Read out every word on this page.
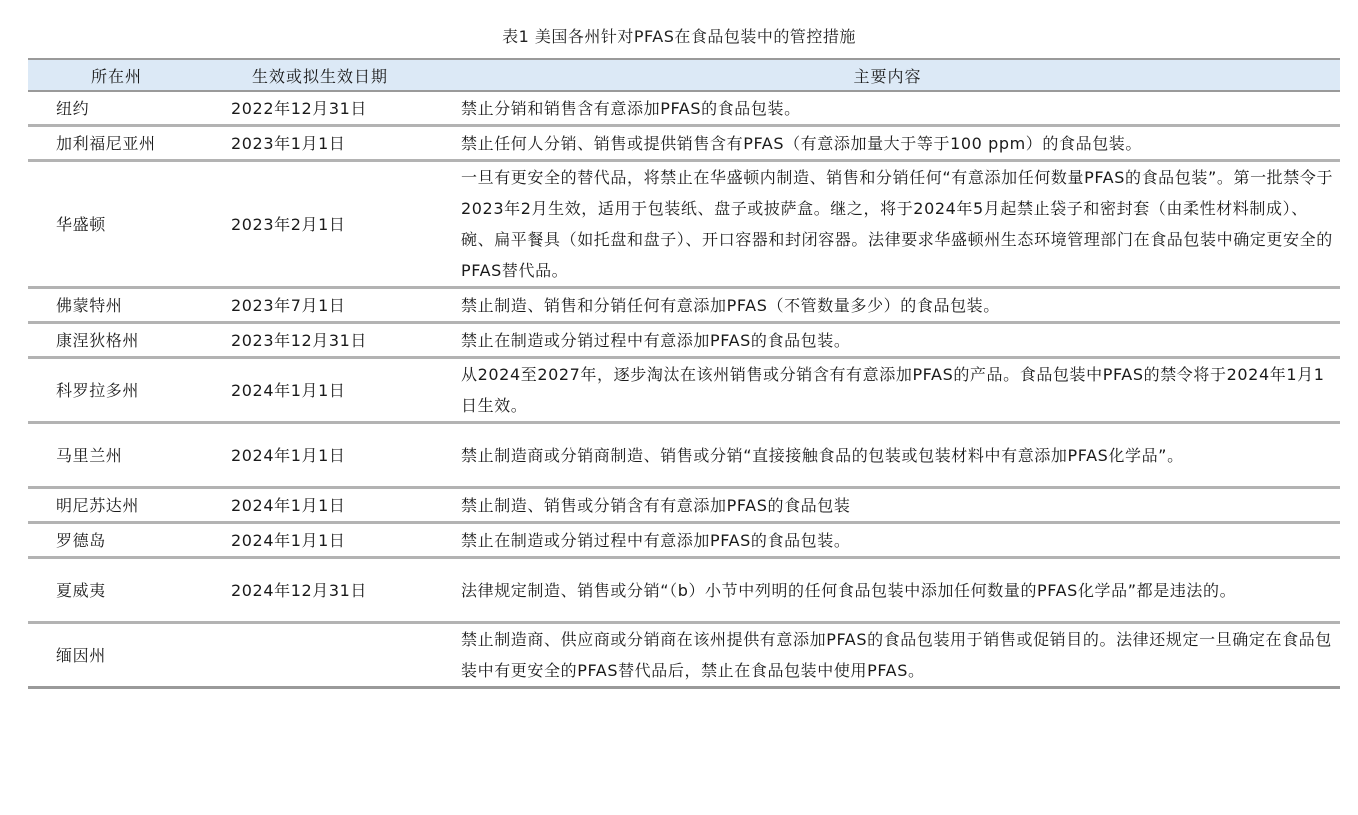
表1 美国各州针对PFAS在食品包装中的管控措施
所在州	生效或拟生效日期	主要内容
纽约	2022年12月31日	禁止分销和销售含有意添加PFAS的食品包装。
加利福尼亚州	2023年1月1日	禁止任何人分销、销售或提供销售含有PFAS（有意添加量大于等于100 ppm）的食品包装。
华盛顿	2023年2月1日	一旦有更安全的替代品，将禁止在华盛顿内制造、销售和分销任何“有意添加任何数量PFAS的食品包装”。第一批禁令于2023年2月生效，适用于包装纸、盘子或披萨盒。继之，将于2024年5月起禁止袋子和密封套（由柔性材料制成）、碗、扁平餐具（如托盘和盘子）、开口容器和封闭容器。法律要求华盛顿州生态环境管理部门在食品包装中确定更安全的PFAS替代品。
佛蒙特州	2023年7月1日	禁止制造、销售和分销任何有意添加PFAS（不管数量多少）的食品包装。
康涅狄格州	2023年12月31日	禁止在制造或分销过程中有意添加PFAS的食品包装。
科罗拉多州	2024年1月1日	从2024至2027年，逐步淘汰在该州销售或分销含有有意添加PFAS的产品。食品包装中PFAS的禁令将于2024年1月1日生效。
马里兰州	2024年1月1日	禁止制造商或分销商制造、销售或分销“直接接触食品的包装或包装材料中有意添加PFAS化学品”。
明尼苏达州	2024年1月1日	禁止制造、销售或分销含有有意添加PFAS的食品包装
罗德岛	2024年1月1日	禁止在制造或分销过程中有意添加PFAS的食品包装。
夏威夷	2024年12月31日	法律规定制造、销售或分销“（b）小节中列明的任何食品包装中添加任何数量的PFAS化学品”都是违法的。
缅因州		禁止制造商、供应商或分销商在该州提供有意添加PFAS的食品包装用于销售或促销目的。法律还规定一旦确定在食品包装中有更安全的PFAS替代品后，禁止在食品包装中使用PFAS。
